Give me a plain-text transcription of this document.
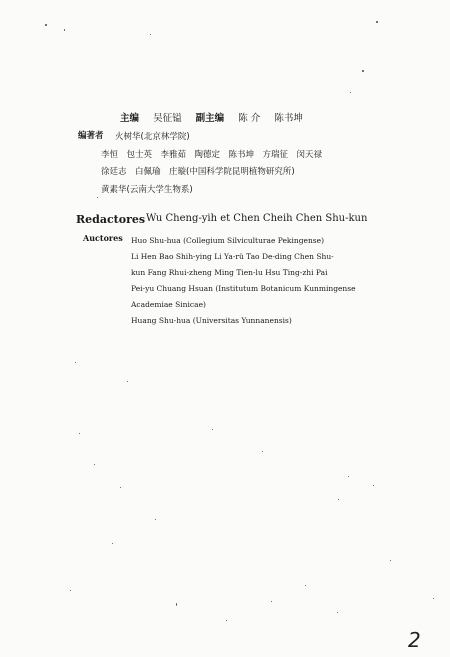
主编 吴征镒 副主编 陈 介 陈书坤
编著者 火树华(北京林学院)
李恒　包士英　李雅茹　陶德定　陈书坤　方瑞征　闵天禄
徐廷志　白佩瑜　庄璇(中国科学院昆明植物研究所)
黄素华(云南大学生物系)
Redactores Wu Cheng-yih et Chen Cheih Chen Shu-kun
Auctores Huo Shu-hua (Collegium Silviculturae Pekingense)
Li Hen Bao Shih-ying Li Ya-rü Tao De-ding Chen Shu-
kun Fang Rhui-zheng Ming Tien-lu Hsu Ting-zhi Pai
Pei-yu Chuang Hsuan (Institutum Botanicum Kunmingense
Academiae Sinicae)
Huang Shu-hua (Universitas Yunnanensis)
2
